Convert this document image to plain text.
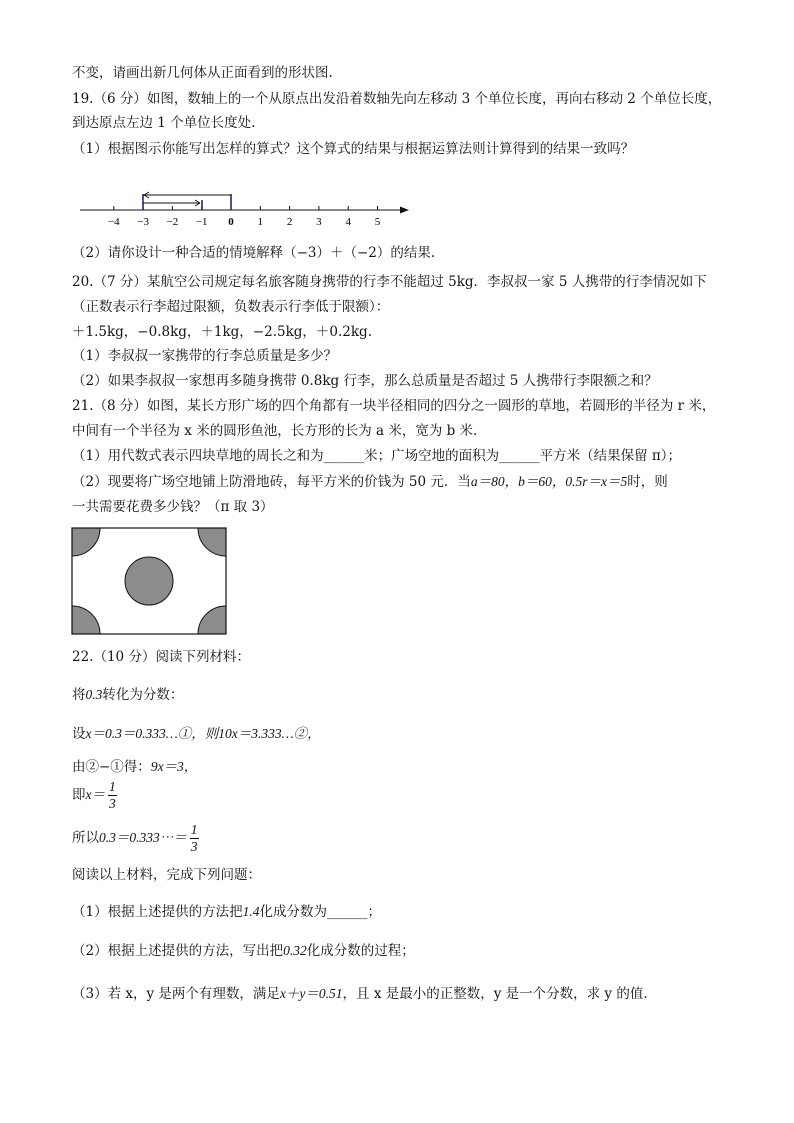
不变，请画出新几何体从正面看到的形状图.
19.（6 分）如图，数轴上的一个从原点出发沿着数轴先向左移动 3 个单位长度，再向右移动 2 个单位长度，
到达原点左边 1 个单位长度处.
（1）根据图示你能写出怎样的算式？这个算式的结果与根据运算法则计算得到的结果一致吗？
−4 −3 −2 −1 0 1 2 3 4 5
（2）请你设计一种合适的情境解释（−3）＋（−2）的结果.
20.（7 分）某航空公司规定每名旅客随身携带的行李不能超过 5kg．李叔叔一家 5 人携带的行李情况如下
（正数表示行李超过限额，负数表示行李低于限额）：
＋1.5kg，−0.8kg，＋1kg，−2.5kg，＋0.2kg.
（1）李叔叔一家携带的行李总质量是多少？
（2）如果李叔叔一家想再多随身携带 0.8kg 行李，那么总质量是否超过 5 人携带行李限额之和？
21.（8 分）如图，某长方形广场的四个角都有一块半径相同的四分之一圆形的草地，若圆形的半径为 r 米，
中间有一个半径为 x 米的圆形鱼池，长方形的长为 a 米，宽为 b 米.
（1）用代数式表示四块草地的周长之和为______米；广场空地的面积为______平方米（结果保留 π）；
（2）现要将广场空地铺上防滑地砖，每平方米的价钱为 50 元．当a＝80，b＝60，0.5r＝x＝5时，则
一共需要花费多少钱？（π 取 3）
22.（10 分）阅读下列材料：
将0.3转化为分数：
设x＝0.3＝0.333…①，则10x＝3.333…②，
由②−①得：9x＝3，
即$x= \frac{1}{3}$
所以0.3＝0.333⋯＝ $\frac{1}{3}$
阅读以上材料，完成下列问题：
（1）根据上述提供的方法把1.4化成分数为______；
（2）根据上述提供的方法，写出把0.32化成分数的过程；
（3）若 x，y 是两个有理数，满足x＋y＝0.51，且 x 是最小的正整数，y 是一个分数，求 y 的值.
